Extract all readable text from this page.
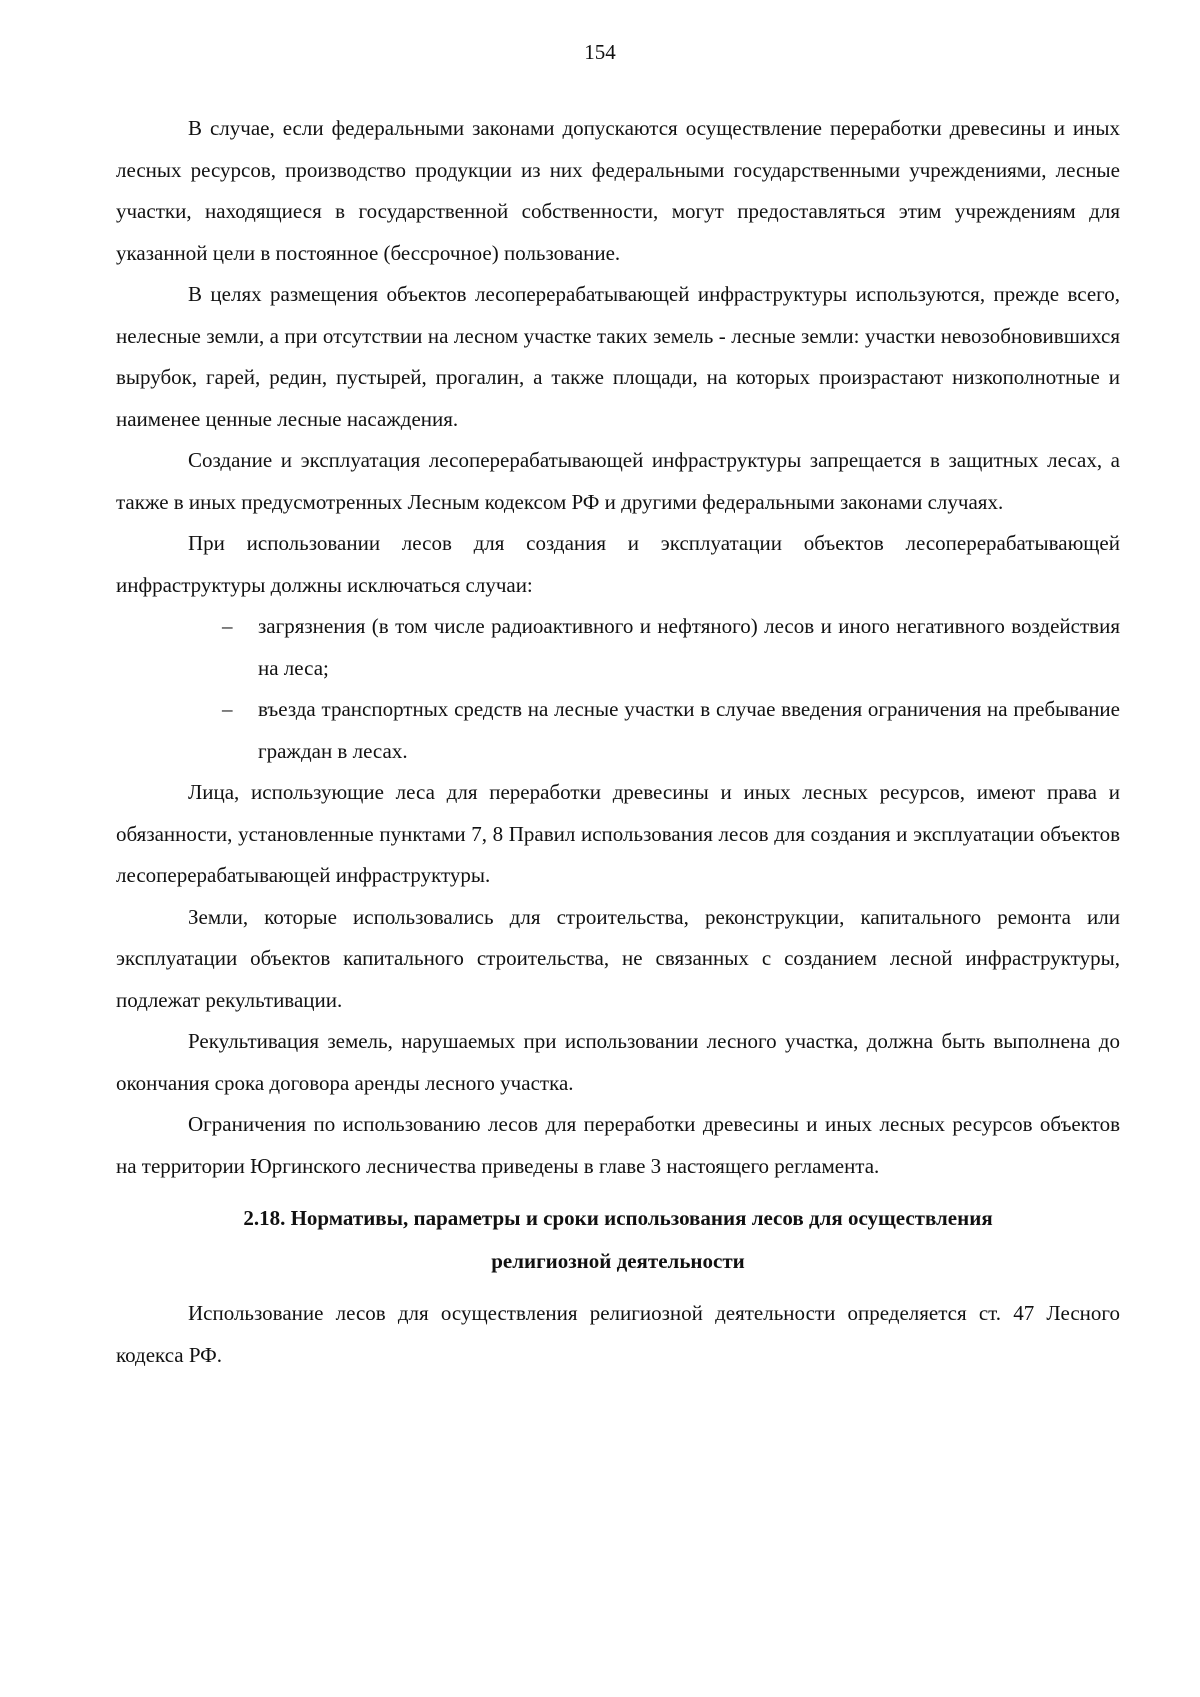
154

В случае, если федеральными законами допускаются осуществление переработки древесины и иных лесных ресурсов, производство продукции из них федеральными государственными учреждениями, лесные участки, находящиеся в государственной собственности, могут предоставляться этим учреждениям для указанной цели в постоянное (бессрочное) пользование.

В целях размещения объектов лесоперерабатывающей инфраструктуры используются, прежде всего, нелесные земли, а при отсутствии на лесном участке таких земель - лесные земли: участки невозобновившихся вырубок, гарей, редин, пустырей, прогалин, а также площади, на которых произрастают низкополнотные и наименее ценные лесные насаждения.

Создание и эксплуатация лесоперерабатывающей инфраструктуры запрещается в защитных лесах, а также в иных предусмотренных Лесным кодексом РФ и другими федеральными законами случаях.

При использовании лесов для создания и эксплуатации объектов лесоперерабатывающей инфраструктуры должны исключаться случаи:

– загрязнения (в том числе радиоактивного и нефтяного) лесов и иного негативного воздействия на леса;
– въезда транспортных средств на лесные участки в случае введения ограничения на пребывание граждан в лесах.

Лица, использующие леса для переработки древесины и иных лесных ресурсов, имеют права и обязанности, установленные пунктами 7, 8 Правил использования лесов для создания и эксплуатации объектов лесоперерабатывающей инфраструктуры.

Земли, которые использовались для строительства, реконструкции, капитального ремонта или эксплуатации объектов капитального строительства, не связанных с созданием лесной инфраструктуры, подлежат рекультивации.

Рекультивация земель, нарушаемых при использовании лесного участка, должна быть выполнена до окончания срока договора аренды лесного участка.

Ограничения по использованию лесов для переработки древесины и иных лесных ресурсов объектов на территории Юргинского лесничества приведены в главе 3 настоящего регламента.

2.18. Нормативы, параметры и сроки использования лесов для осуществления религиозной деятельности

Использование лесов для осуществления религиозной деятельности определяется ст. 47 Лесного кодекса РФ.
